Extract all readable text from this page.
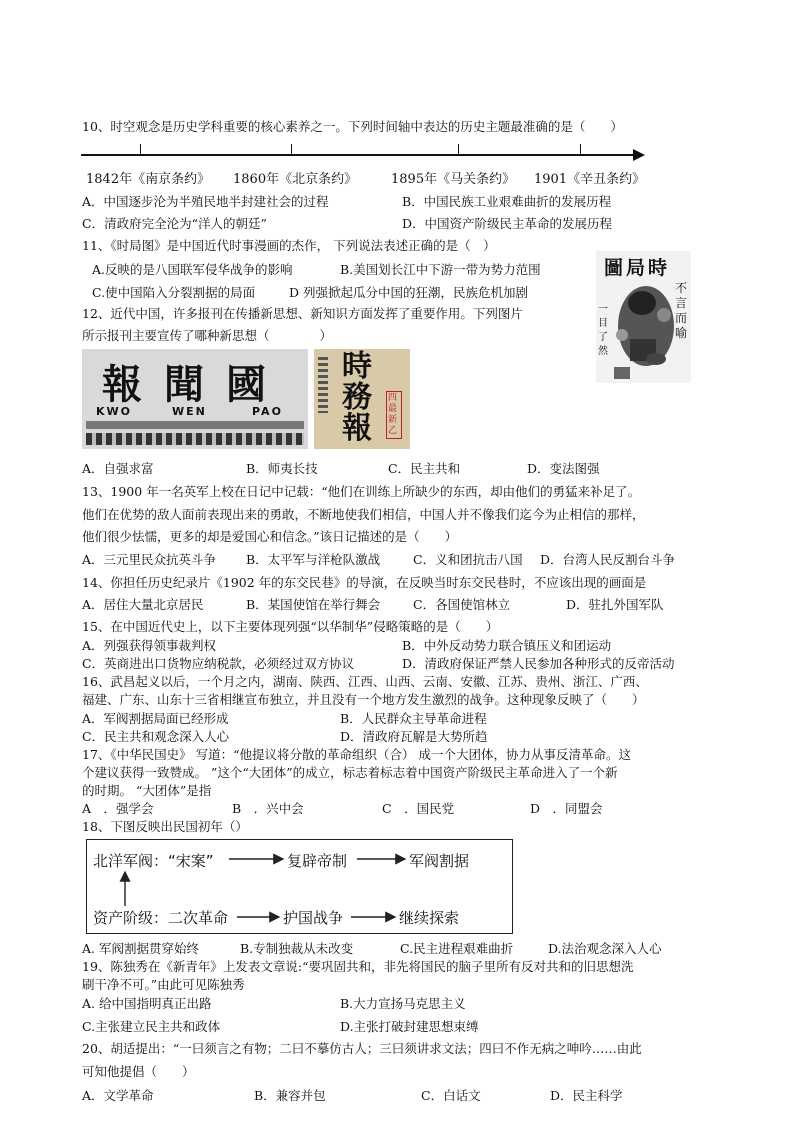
10、时空观念是历史学科重要的核心素养之一。下列时间轴中表达的历史主题最准确的是（　　）
1842年《南京条约》 1860年《北京条约》	1895年《马关条约》 1901《辛丑条约》
A．中国逐步沦为半殖民地半封建社会的过程	B．中国民族工业艰难曲折的发展历程
C．清政府完全沦为“洋人的朝廷”	D．中国资产阶级民主革命的发展历程
11、《时局图》是中国近代时事漫画的杰作， 下列说法表述正确的是（　）
A.反映的是八国联军侵华战争的影响	B.美国划长江中下游一带为势力范围
C.使中国陷入分裂割据的局面	D 列强掀起瓜分中国的狂潮，民族危机加剧
圖局時
不言而喻
一目了然
12、近代中国，许多报刊在传播新思想、新知识方面发挥了重要作用。下列图片
所示报刊主要宣传了哪种新思想（　　　　）
報聞國
KWO	WEN	PAO
時務報
四最新乙
A．自强求富	B．师夷长技	C．民主共和	D．变法图强
13、1900 年一名英军上校在日记中记载：“他们在训练上所缺少的东西，却由他们的勇猛来补足了。
他们在优势的敌人面前表现出来的勇敢，不断地使我们相信，中国人并不像我们迄今为止相信的那样，
他们很少怯懦，更多的却是爱国心和信念。”该日记描述的是（　　）
A．三元里民众抗英斗争 B．太平军与洋枪队激战	C．义和团抗击八国 D．台湾人民反割台斗争
14、你担任历史纪录片《1902 年的东交民巷》的导演，在反映当时东交民巷时，不应该出现的画面是
A．居住大量北京居民	B．某国使馆在举行舞会	C．各国使馆林立　　 D．驻扎外国军队
15、在中国近代史上，以下主要体现列强“以华制华”侵略策略的是（　　）
A．列强获得领事裁判权	B．中外反动势力联合镇压义和团运动
C．英商进出口货物应纳税款，必须经过双方协议	D．清政府保证严禁人民参加各种形式的反帝活动
16、武昌起义以后，一个月之内，湖南、陕西、江西、山西、云南、安徽、江苏、贵州、浙江、广西、
福建、广东、山东十三省相继宣布独立，并且没有一个地方发生激烈的战争。这种现象反映了（　　）
A．军阀割据局面已经形成	B．人民群众主导革命进程
C．民主共和观念深入人心	D．清政府瓦解是大势所趋
17、《中华民国史》 写道：“他提议将分散的革命组织（合） 成一个大团体，协力从事反清革命。这
个建议获得一致赞成。 ”这个“大团体”的成立，标志着标志着中国资产阶级民主革命进入了一个新
的时期。 “大团体”是指
A　．强学会	B　．兴中会	C　．国民党	D　．同盟会
18、下图反映出民国初年（）
北洋军阀：“宋案”	复辟帝制	军阀割据
资产阶级：二次革命	护国战争	继续探索
A. 军阀割据贯穿始终	B.专制独裁从未改变	C.民主进程艰难曲折	D.法治观念深入人心
19、陈独秀在《新青年》上发表文章说:“要巩固共和，非先将国民的脑子里所有反对共和的旧思想洗
刷干净不可。”由此可见陈独秀
A. 给中国指明真正出路	B.大力宣扬马克思主义
C.主张建立民主共和政体	D.主张打破封建思想束缚
20、胡适提出：“一曰须言之有物；二曰不摹仿古人；三曰须讲求文法；四曰不作无病之呻吟……由此
可知他提倡（　　）
A．文学革命	B．兼容并包	C．白话文	D．民主科学
